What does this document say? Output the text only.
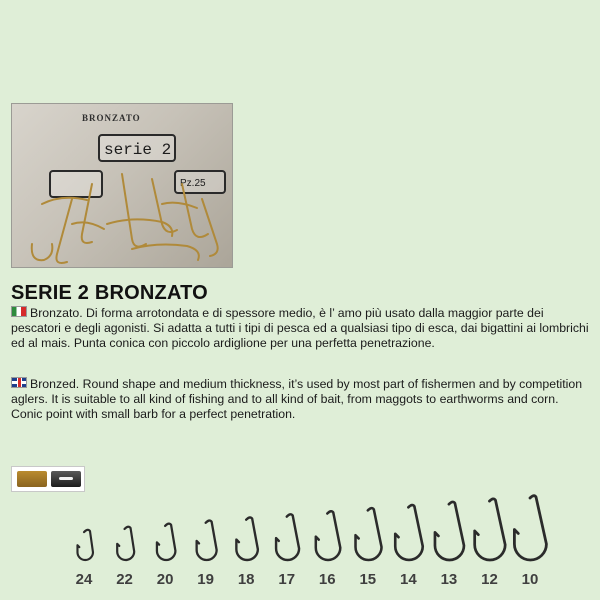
BRONZATO
serie 2
Pz.25
SERIE 2 BRONZATO

Bronzato. Di forma arrotondata e di spessore medio, è l’ amo più usato dalla maggior parte dei pescatori e degli agonisti. Si adatta a tutti i tipi di pesca ed a qualsiasi tipo di esca, dai bigattini ai lombrichi ed al mais. Punta conica con piccolo ardiglione per una perfetta penetrazione.

Bronzed. Round shape and medium thickness, it’s used by most part of fishermen and by competition aglers. It is suitable to all kind of fishing and to all kind of bait, from maggots to earthworms and corn. Conic point with small barb for a perfect penetration.

24 22 20 19 18 17 16 15 14 13 12 10
